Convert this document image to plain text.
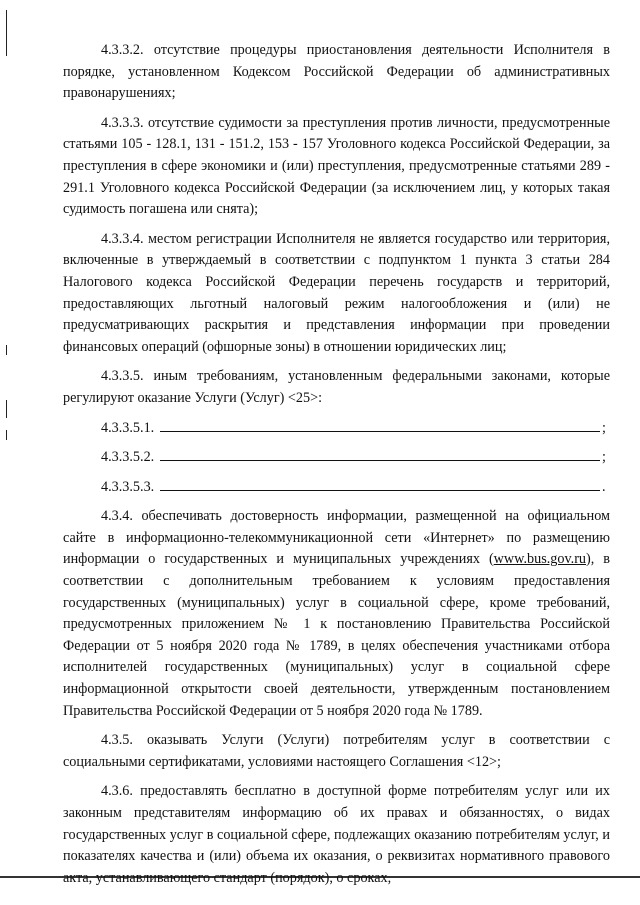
4.3.3.2. отсутствие процедуры приостановления деятельности Исполнителя в порядке, установленном Кодексом Российской Федерации об административных правонарушениях;

4.3.3.3. отсутствие судимости за преступления против личности, предусмотренные статьями 105 - 128.1, 131 - 151.2, 153 - 157 Уголовного кодекса Российской Федерации, за преступления в сфере экономики и (или) преступления, предусмотренные статьями 289 - 291.1 Уголовного кодекса Российской Федерации (за исключением лиц, у которых такая судимость погашена или снята);

4.3.3.4. местом регистрации Исполнителя не является государство или территория, включенные в утверждаемый в соответствии с подпунктом 1 пункта 3 статьи 284 Налогового кодекса Российской Федерации перечень государств и территорий, предоставляющих льготный налоговый режим налогообложения и (или) не предусматривающих раскрытия и представления информации при проведении финансовых операций (офшорные зоны) в отношении юридических лиц;

4.3.3.5. иным требованиям, установленным федеральными законами, которые регулируют оказание Услуги (Услуг) <25>:

4.3.3.5.1.	;
4.3.3.5.2.	;
4.3.3.5.3.	.

4.3.4. обеспечивать достоверность информации, размещенной на официальном сайте в информационно-телекоммуникационной сети «Интернет» по размещению информации о государственных и муниципальных учреждениях (www.bus.gov.ru), в соответствии с дополнительным требованием к условиям предоставления государственных (муниципальных) услуг в социальной сфере, кроме требований, предусмотренных приложением № 1 к постановлению Правительства Российской Федерации от 5 ноября 2020 года № 1789, в целях обеспечения участниками отбора исполнителей государственных (муниципальных) услуг в социальной сфере информационной открытости своей деятельности, утвержденным постановлением Правительства Российской Федерации от 5 ноября 2020 года № 1789.

4.3.5. оказывать Услуги (Услуги) потребителям услуг в соответствии с социальными сертификатами, условиями настоящего Соглашения <12>;

4.3.6. предоставлять бесплатно в доступной форме потребителям услуг или их законным представителям информацию об их правах и обязанностях, о видах государственных услуг в социальной сфере, подлежащих оказанию потребителям услуг, и показателях качества и (или) объема их оказания, о реквизитах нормативного правового акта, устанавливающего стандарт (порядок), о сроках,
